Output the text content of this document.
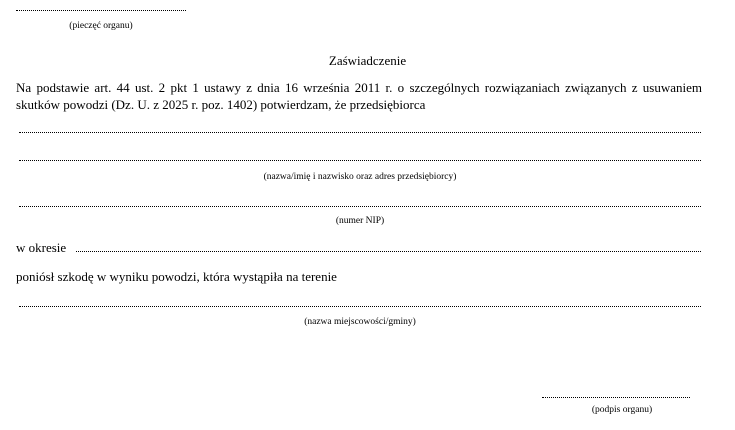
(pieczęć organu)
Zaświadczenie
Na podstawie art. 44 ust. 2 pkt 1 ustawy z dnia 16 września 2011 r. o szczególnych rozwiązaniach związanych z usuwaniem skutków powodzi (Dz. U. z 2025 r. poz. 1402) potwierdzam, że przedsiębiorca
(nazwa/imię i nazwisko oraz adres przedsiębiorcy)
(numer NIP)
w okresie
poniósł szkodę w wyniku powodzi, która wystąpiła na terenie
(nazwa miejscowości/gminy)
(podpis organu)
